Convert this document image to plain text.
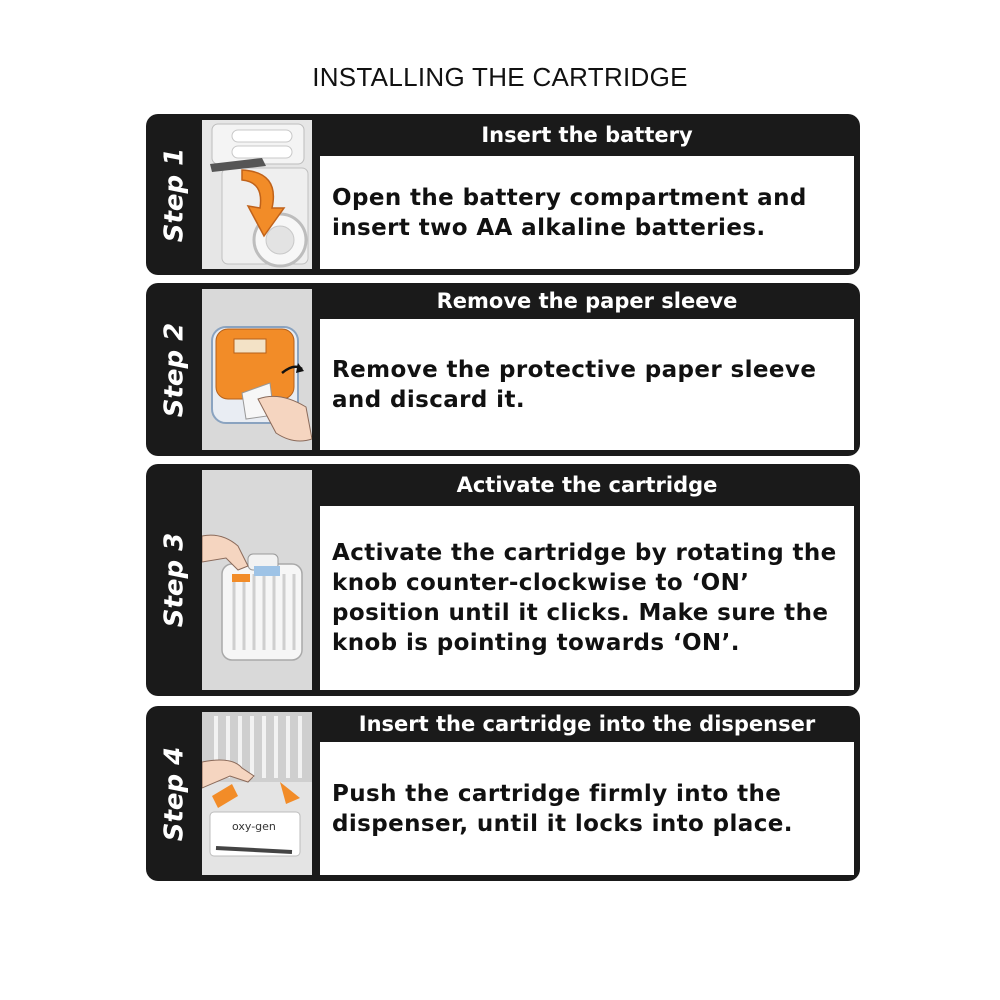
INSTALLING THE CARTRIDGE
Step 1
Insert the battery

Open the battery compartment and insert two AA alkaline batteries.

Step 2
Remove the paper sleeve

Remove the protective paper sleeve and discard it.

Step 3
Activate the cartridge

Activate the cartridge by rotating the knob counter-clockwise to ‘ON’ position until it clicks. Make sure the knob is pointing towards ‘ON’.

Step 4	oxy-gen
Insert the cartridge into the dispenser

Push the cartridge firmly into the dispenser, until it locks into place.
